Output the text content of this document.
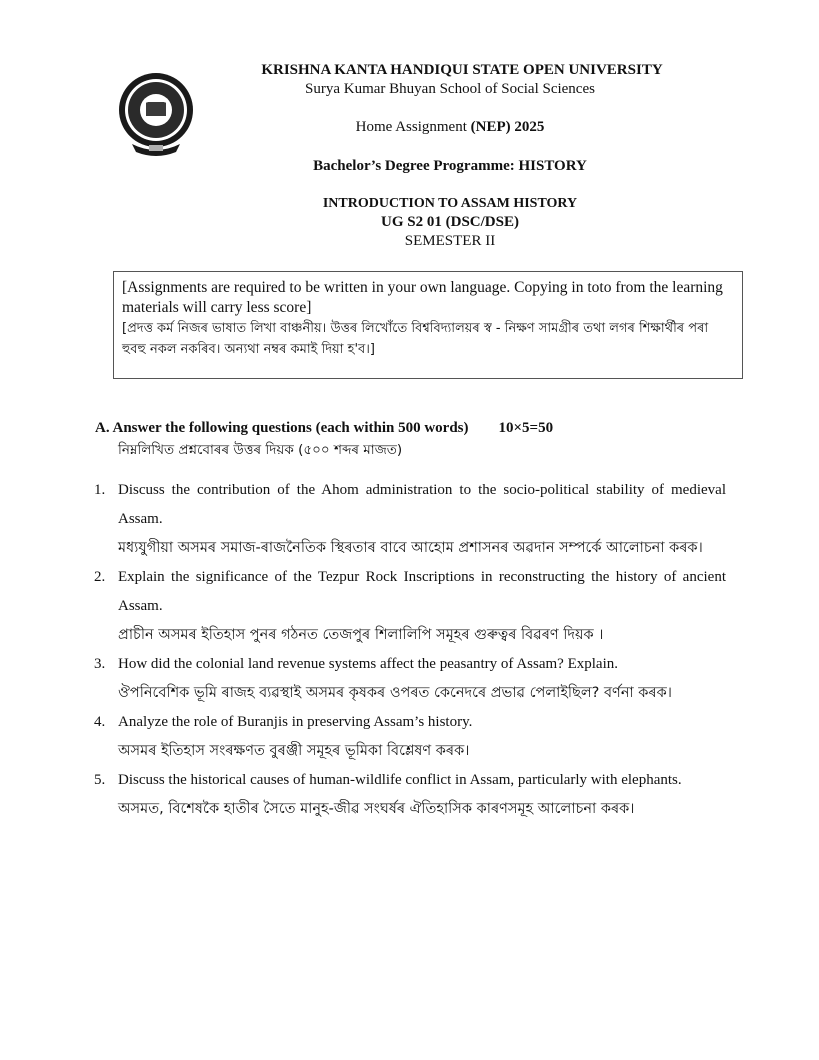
KRISHNA KANTA HANDIQUI STATE OPEN UNIVERSITY
Surya Kumar Bhuyan School of Social Sciences
Home Assignment (NEP) 2025
Bachelor’s Degree Programme: HISTORY
INTRODUCTION TO ASSAM HISTORY
UG S2 01 (DSC/DSE)
SEMESTER II
[Assignments are required to be written in your own language. Copying in toto from the learning materials will carry less score]
[প্ৰদত্ত কৰ্ম নিজৰ ভাষাত লিখা বাঞ্চনীয়। উত্তৰ লিখোঁতে বিশ্ববিদ্যালয়ৰ স্ব - নিক্ষণ সামগ্ৰীৰ তথা লগৰ শিক্ষাৰ্থীৰ পৰা হুবহু নকল নকৰিব। অন্যথা নম্বৰ কমাই দিয়া হ'ব।]
A. Answer the following questions (each within 500 words) 10×5=50
নিম্নলিখিত প্ৰশ্নবোৰৰ উত্তৰ দিয়ক (৫০০ শব্দৰ মাজত)
1. Discuss the contribution of the Ahom administration to the socio-political stability of medieval Assam.
মধ্যযুগীয়া অসমৰ সমাজ-ৰাজনৈতিক স্থিৰতাৰ বাবে আহোম প্ৰশাসনৰ অৱদান সম্পৰ্কে আলোচনা কৰক।
2. Explain the significance of the Tezpur Rock Inscriptions in reconstructing the history of ancient Assam.
প্ৰাচীন অসমৰ ইতিহাস পুনৰ গঠনত তেজপুৰ শিলালিপি সমূহৰ গুৰুত্বৰ বিৱৰণ দিয়ক ।
3. How did the colonial land revenue systems affect the peasantry of Assam? Explain.
ঔপনিবেশিক ভূমি ৰাজহ ব্যৱস্থাই অসমৰ কৃষকৰ ওপৰত কেনেদৰে প্ৰভাৱ পেলাইছিল? বৰ্ণনা কৰক।
4. Analyze the role of Buranjis in preserving Assam’s history.
অসমৰ ইতিহাস সংৰক্ষণত বুৰঞ্জী সমূহৰ ভূমিকা বিশ্লেষণ কৰক।
5. Discuss the historical causes of human-wildlife conflict in Assam, particularly with elephants.
অসমত, বিশেষকৈ হাতীৰ সৈতে মানুহ-জীৱ সংঘৰ্ষৰ ঐতিহাসিক কাৰণসমূহ আলোচনা কৰক।
